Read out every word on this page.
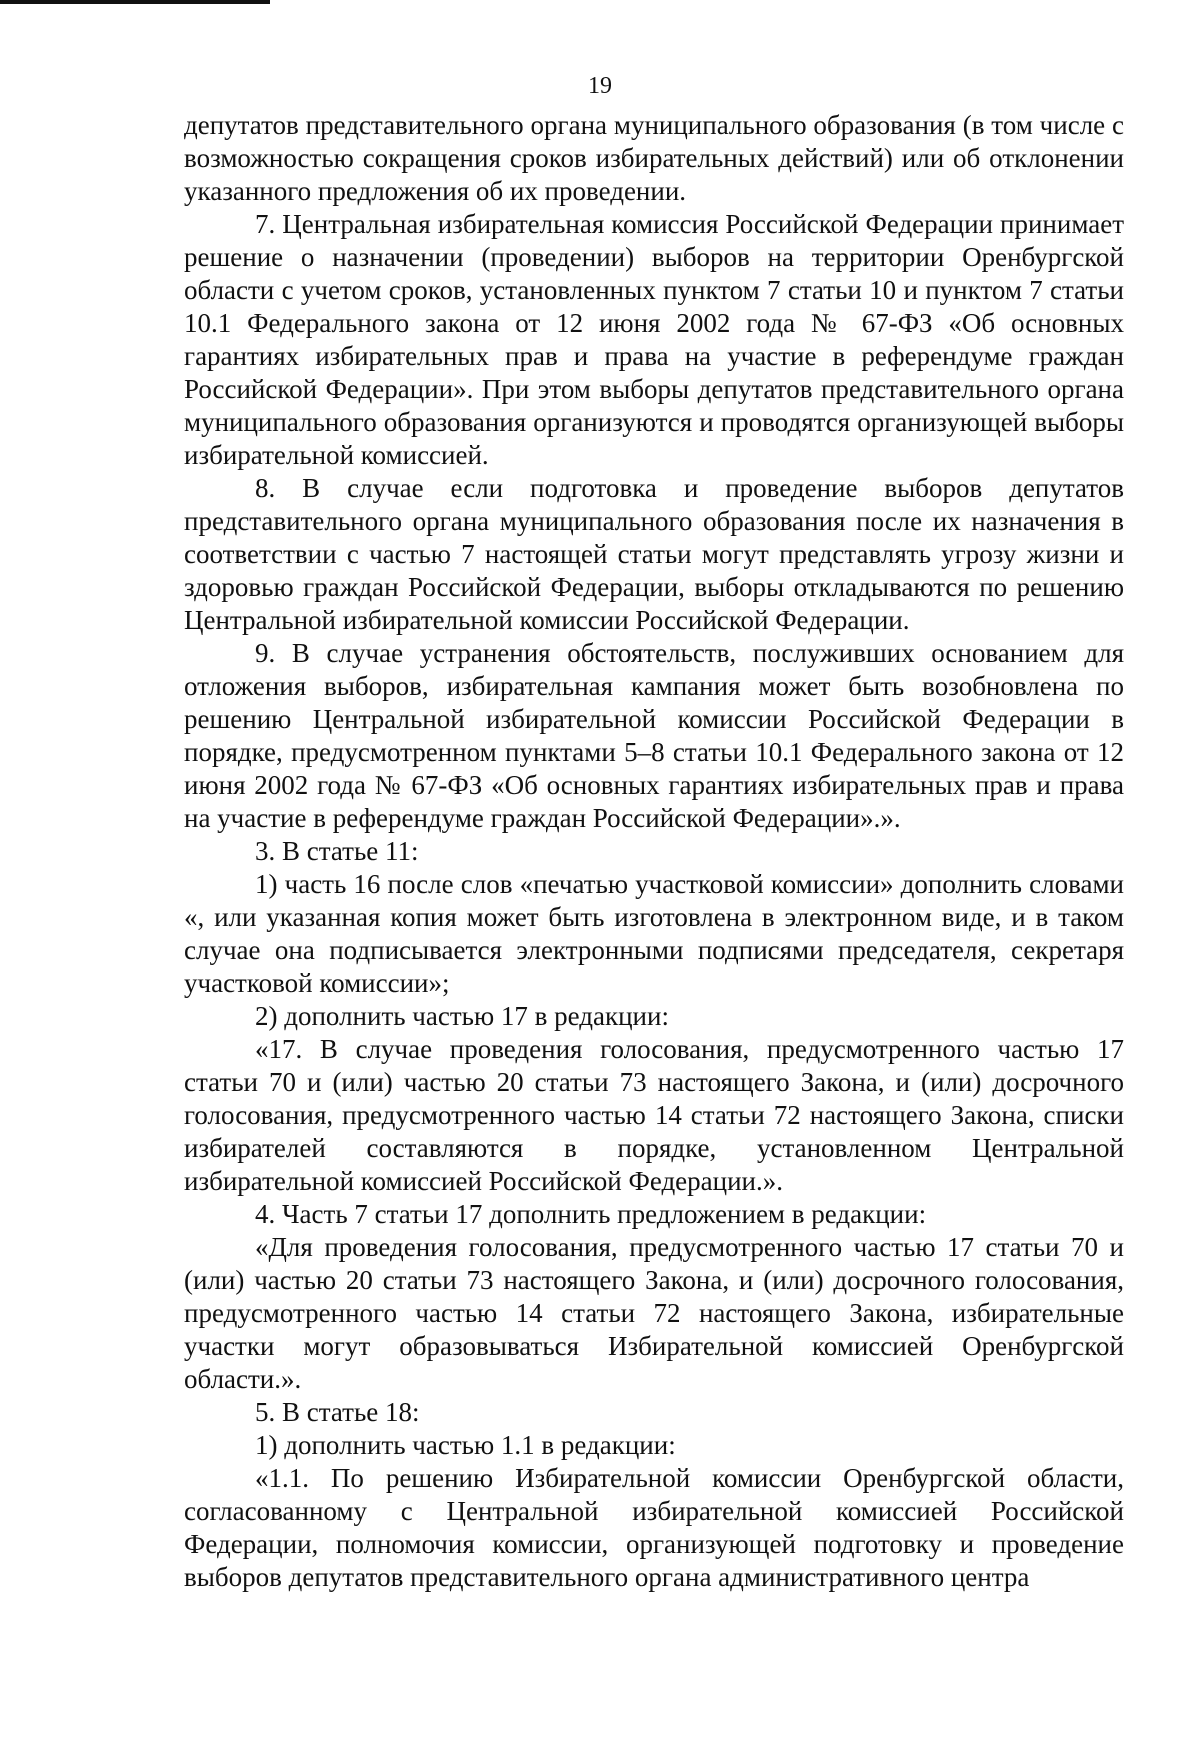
19

депутатов представительного органа муниципального образования (в том числе с возможностью сокращения сроков избирательных действий) или об отклонении указанного предложения об их проведении.

7. Центральная избирательная комиссия Российской Федерации принимает решение о назначении (проведении) выборов на территории Оренбургской области с учетом сроков, установленных пунктом 7 статьи 10 и пунктом 7 статьи 10.1 Федерального закона от 12 июня 2002 года № 67-ФЗ «Об основных гарантиях избирательных прав и права на участие в референдуме граждан Российской Федерации». При этом выборы депутатов представительного органа муниципального образования организуются и проводятся организующей выборы избирательной комиссией.

8. В случае если подготовка и проведение выборов депутатов представительного органа муниципального образования после их назначения в соответствии с частью 7 настоящей статьи могут представлять угрозу жизни и здоровью граждан Российской Федерации, выборы откладываются по решению Центральной избирательной комиссии Российской Федерации.

9. В случае устранения обстоятельств, послуживших основанием для отложения выборов, избирательная кампания может быть возобновлена по решению Центральной избирательной комиссии Российской Федерации в порядке, предусмотренном пунктами 5–8 статьи 10.1 Федерального закона от 12 июня 2002 года № 67-ФЗ «Об основных гарантиях избирательных прав и права на участие в референдуме граждан Российской Федерации».».

3. В статье 11:

1) часть 16 после слов «печатью участковой комиссии» дополнить словами «, или указанная копия может быть изготовлена в электронном виде, и в таком случае она подписывается электронными подписями председателя, секретаря участковой комиссии»;

2) дополнить частью 17 в редакции:

«17. В случае проведения голосования, предусмотренного частью 17 статьи 70 и (или) частью 20 статьи 73 настоящего Закона, и (или) досрочного голосования, предусмотренного частью 14 статьи 72 настоящего Закона, списки избирателей составляются в порядке, установленном Центральной избирательной комиссией Российской Федерации.».

4. Часть 7 статьи 17 дополнить предложением в редакции:

«Для проведения голосования, предусмотренного частью 17 статьи 70 и (или) частью 20 статьи 73 настоящего Закона, и (или) досрочного голосования, предусмотренного частью 14 статьи 72 настоящего Закона, избирательные участки могут образовываться Избирательной комиссией Оренбургской области.».

5. В статье 18:

1) дополнить частью 1.1 в редакции:

«1.1. По решению Избирательной комиссии Оренбургской области, согласованному с Центральной избирательной комиссией Российской Федерации, полномочия комиссии, организующей подготовку и проведение выборов депутатов представительного органа административного центра
